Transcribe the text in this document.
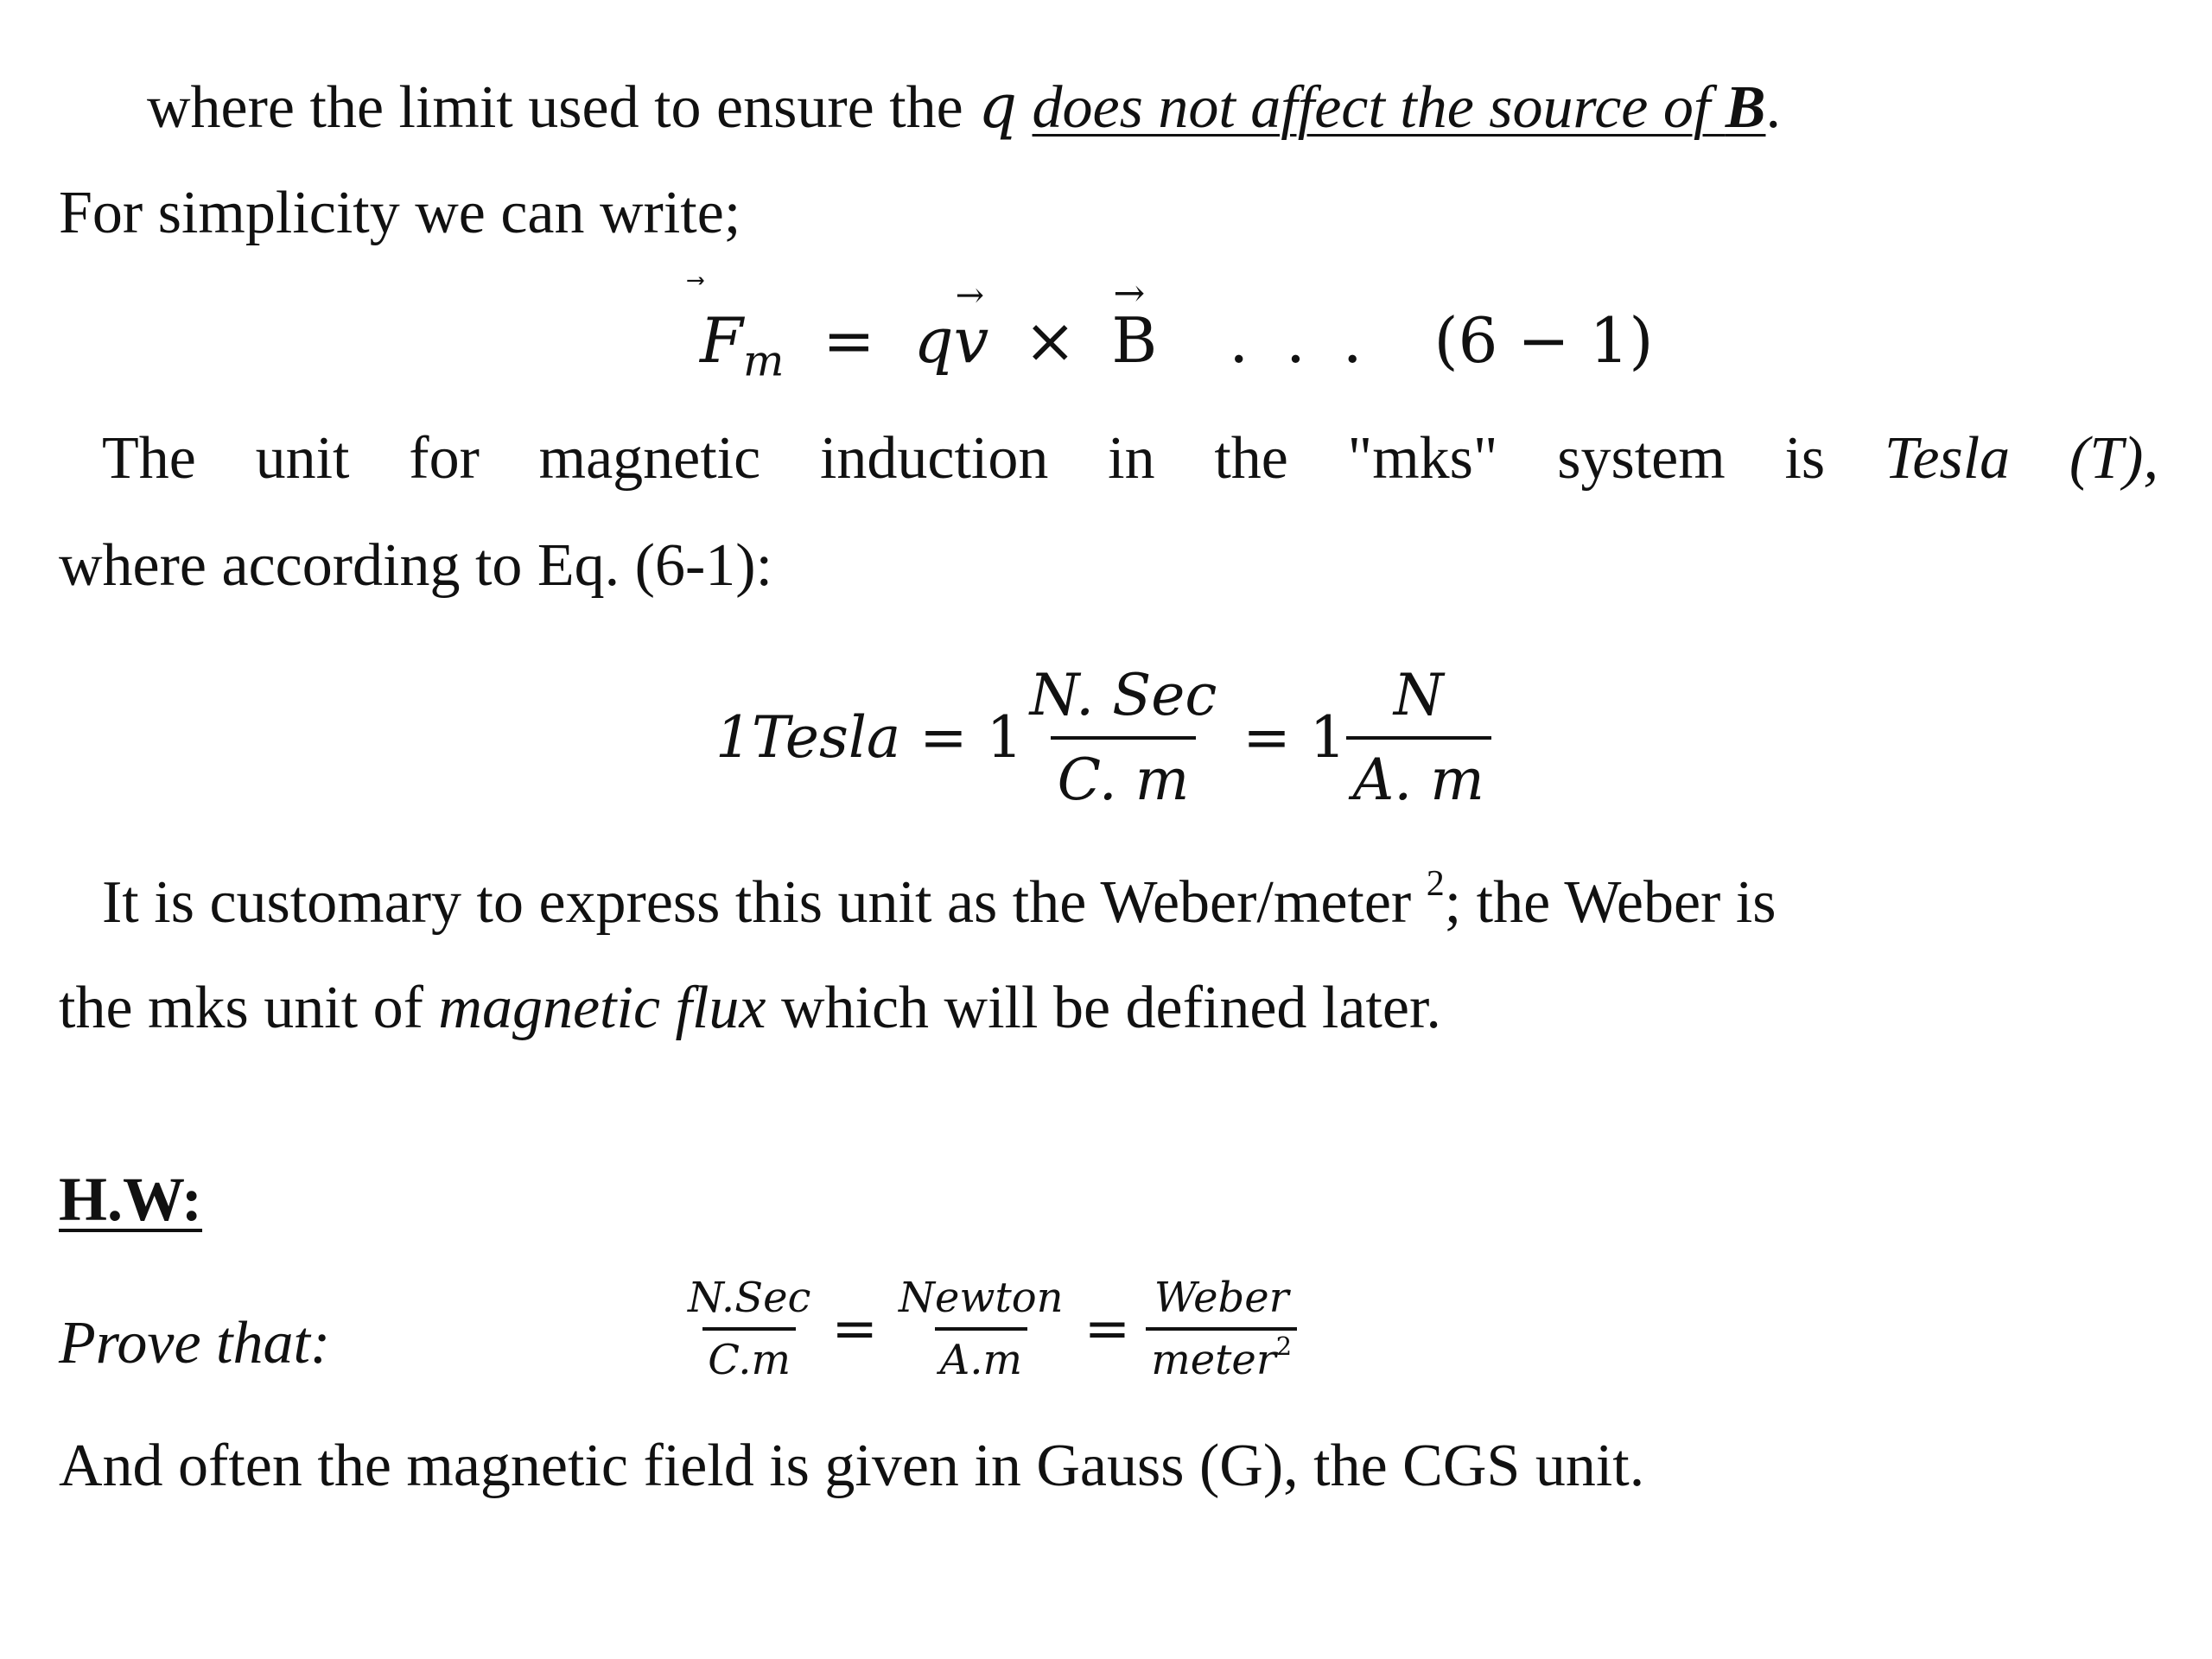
where the limit used to ensure the q does not affect the source of B.
For simplicity we can write;
F
$_m$ = qv
→
× B
→
. . . (6 − 1)
The unit for magnetic induction in the "mks" system is Tesla (T),
where according to Eq. (6-1):
1Tesla = $1 \frac{\text{N. Sec}}{C. m} = 1 \frac{N}{A. m}$
It is customary to express this unit as the Weber/meter $^2$; the Weber is
the mks unit of magnetic flux which will be defined later.
H.W:
Prove that:	$\frac{\text{N.Sec}}{C.m} = \frac{\text{Newton}}{A.m} = \frac{\text{Weber}}{meter^2}$
And often the magnetic field is given in Gauss (G), the CGS unit.
